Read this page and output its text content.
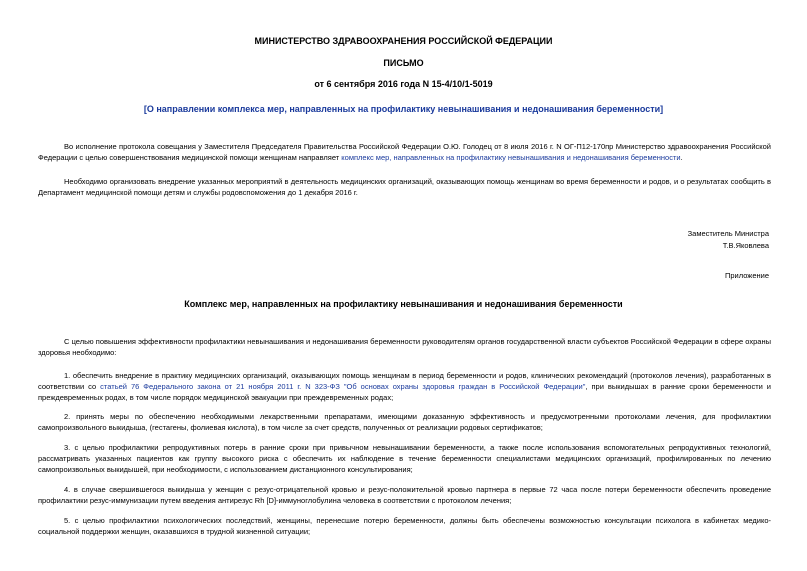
МИНИСТЕРСТВО ЗДРАВООХРАНЕНИЯ РОССИЙСКОЙ ФЕДЕРАЦИИ
ПИСЬМО
от 6 сентября 2016 года N 15-4/10/1-5019
[О направлении комплекса мер, направленных на профилактику невынашивания и недонашивания беременности]
Во исполнение протокола совещания у Заместителя Председателя Правительства Российской Федерации О.Ю. Голодец от 8 июля 2016 г. N ОГ-П12-170пр Министерство здравоохранения Российской Федерации с целью совершенствования медицинской помощи женщинам направляет комплекс мер, направленных на профилактику невынашивания и недонашивания беременности.
Необходимо организовать внедрение указанных мероприятий в деятельность медицинских организаций, оказывающих помощь женщинам во время беременности и родов, и о результатах сообщить в Департамент медицинской помощи детям и службы родовспоможения до 1 декабря 2016 г.
Заместитель Министра
Т.В.Яковлева
Приложение
Комплекс мер, направленных на профилактику невынашивания и недонашивания беременности
С целью повышения эффективности профилактики невынашивания и недонашивания беременности руководителям органов государственной власти субъектов Российской Федерации в сфере охраны здоровья необходимо:
1. обеспечить внедрение в практику медицинских организаций, оказывающих помощь женщинам в период беременности и родов, клинических рекомендаций (протоколов лечения), разработанных в соответствии со статьей 76 Федерального закона от 21 ноября 2011 г. N 323-ФЗ "Об основах охраны здоровья граждан в Российской Федерации", при выкидышах в ранние сроки беременности и преждевременных родах, в том числе порядок медицинской эвакуации при преждевременных родах;
2. принять меры по обеспечению необходимыми лекарственными препаратами, имеющими доказанную эффективность и предусмотренными протоколами лечения, для профилактики самопроизвольного выкидыша, (гестагены, фолиевая кислота), в том числе за счет средств, полученных от реализации родовых сертификатов;
3. с целью профилактики репродуктивных потерь в ранние сроки при привычном невынашивании беременности, а также после использования вспомогательных репродуктивных технологий, рассматривать указанных пациентов как группу высокого риска с обеспечить их наблюдение в течение беременности специалистами медицинских организаций, профилированных по лечению самопроизвольных выкидышей, при необходимости, с использованием дистанционного консультирования;
4. в случае свершившегося выкидыша у женщин с резус-отрицательной кровью и резус-положительной кровью партнера в первые 72 часа после потери беременности обеспечить проведение профилактики резус-иммунизации путем введения антирезус Rh [D]-иммуноглобулина человека в соответствии с протоколом лечения;
5. с целью профилактики психологических последствий, женщины, перенесшие потерю беременности, должны быть обеспечены возможностью консультации психолога в кабинетах медико-социальной поддержки женщин, оказавшихся в трудной жизненной ситуации;
